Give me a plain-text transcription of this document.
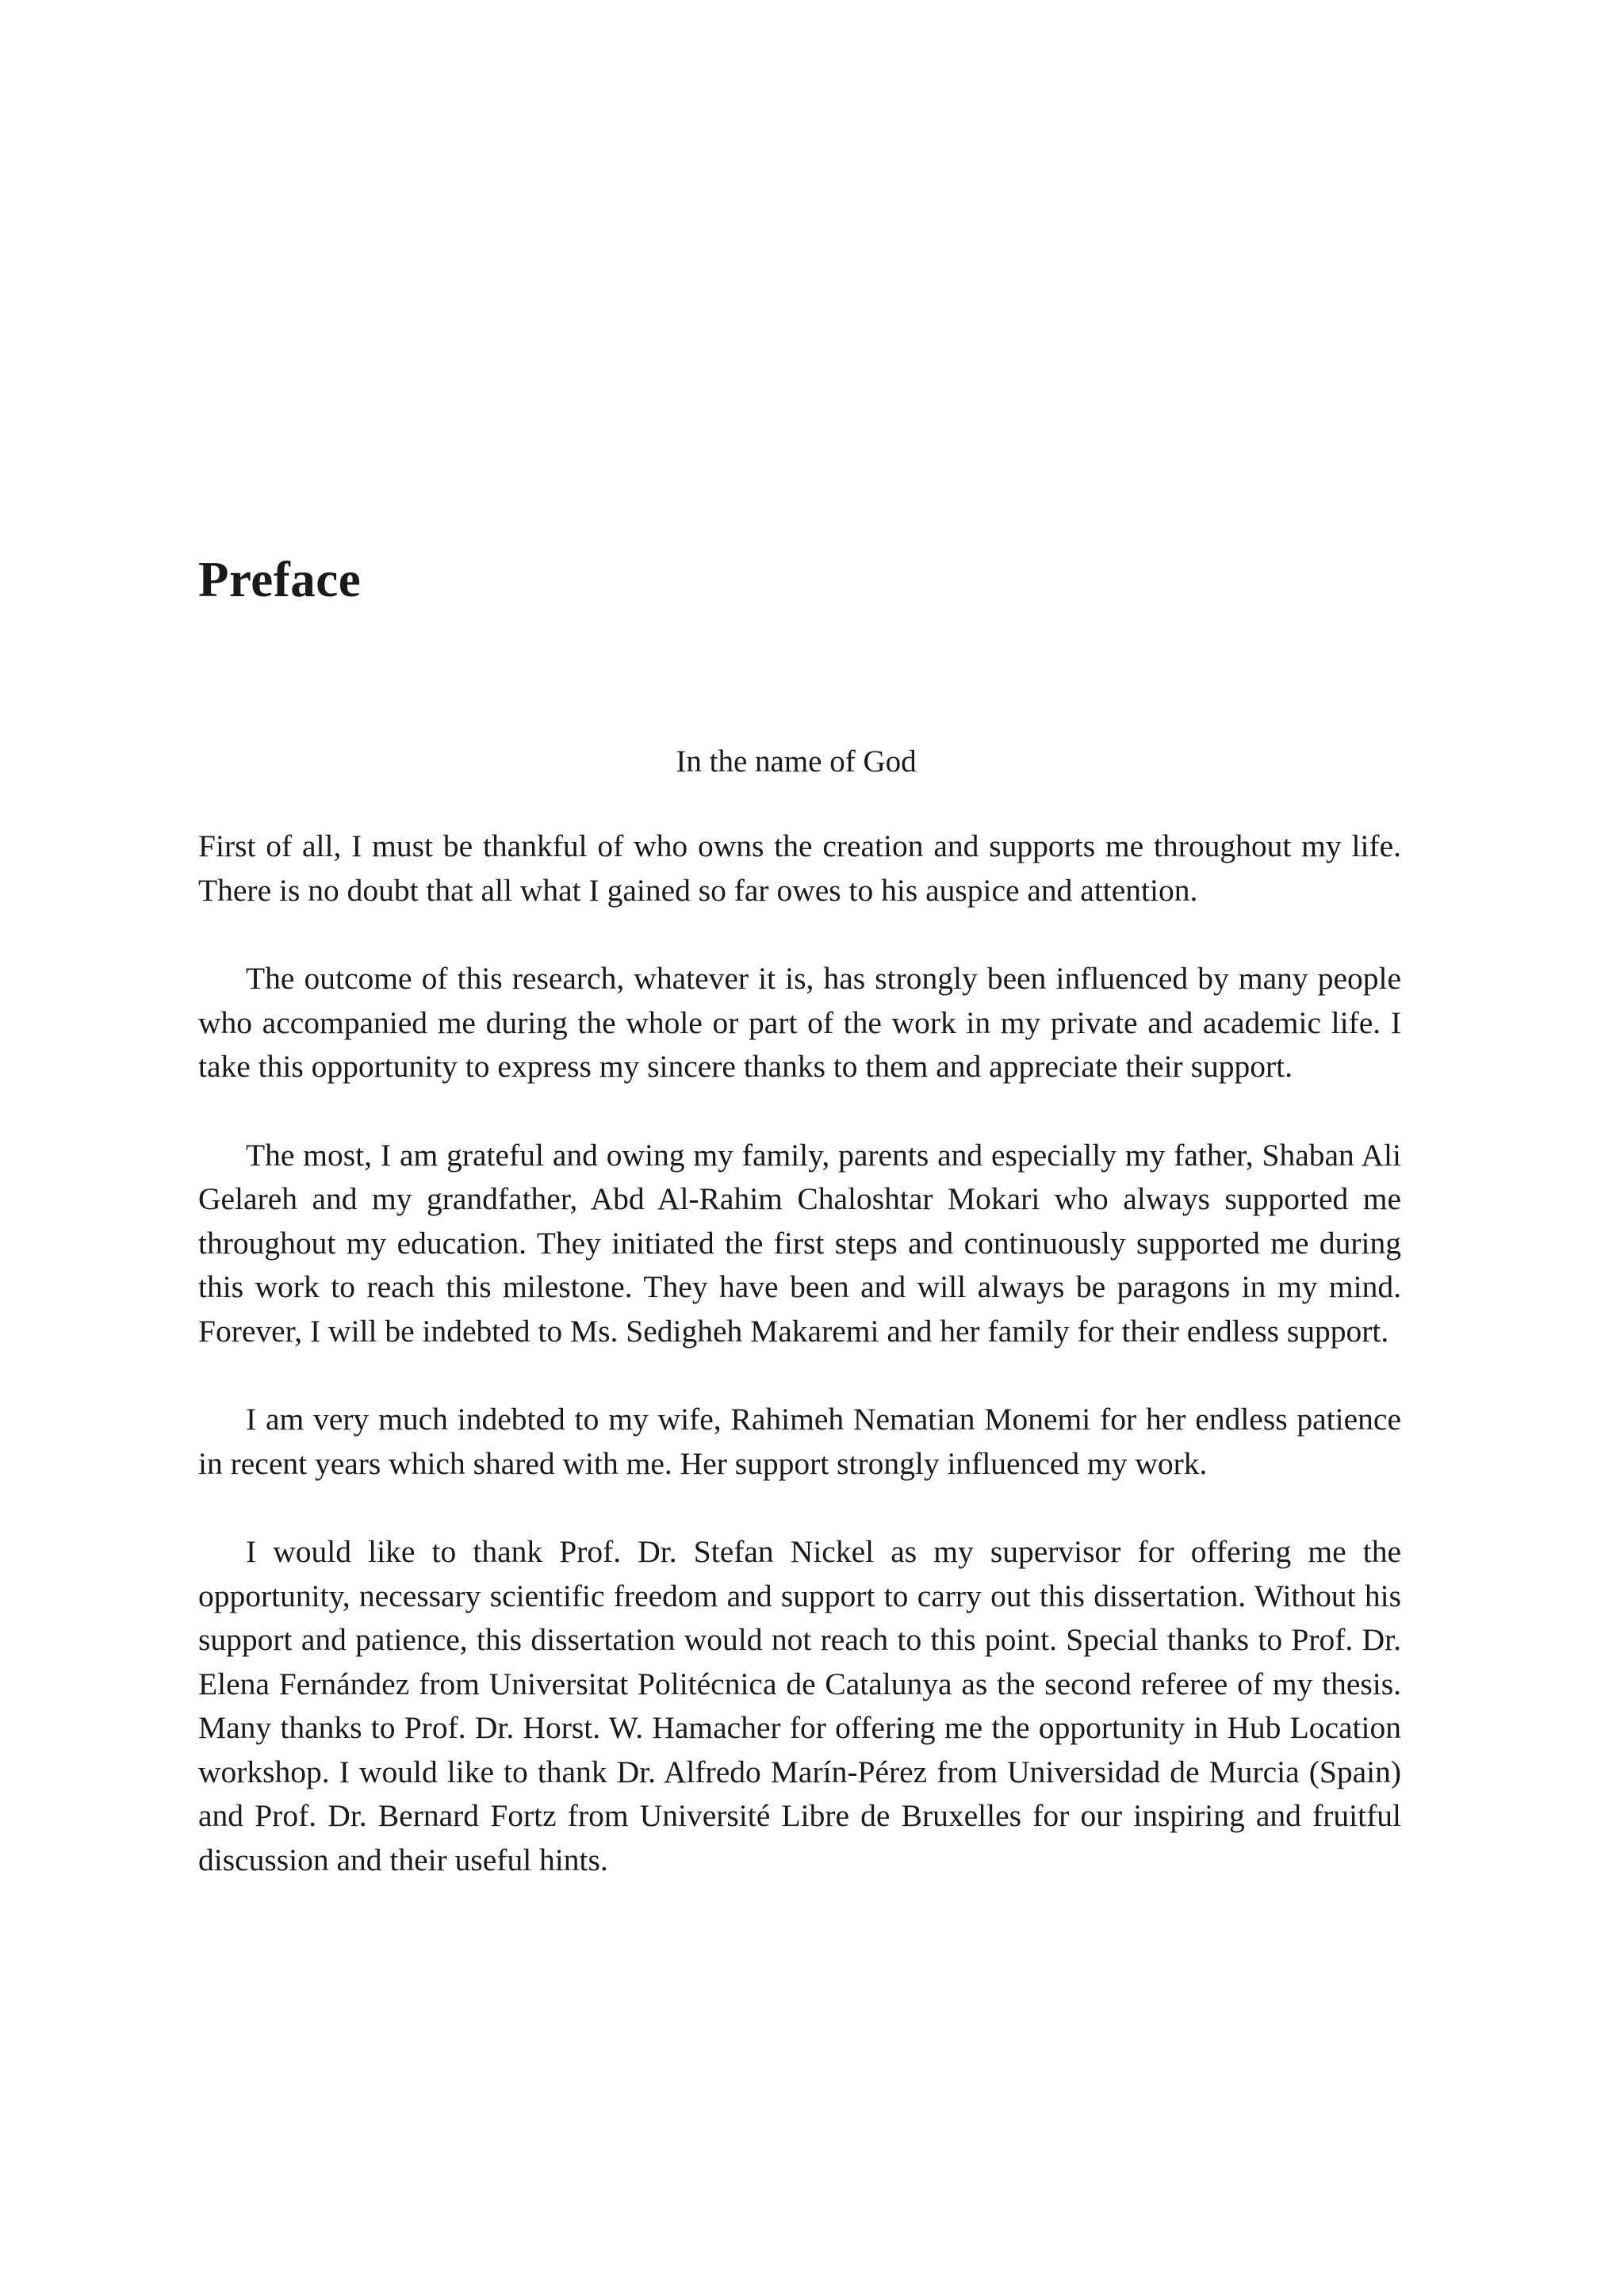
Preface

In the name of God

First of all, I must be thankful of who owns the creation and supports me throughout my life. There is no doubt that all what I gained so far owes to his auspice and attention.

The outcome of this research, whatever it is, has strongly been influenced by many people who accompanied me during the whole or part of the work in my private and academic life. I take this opportunity to express my sincere thanks to them and appreciate their support.

The most, I am grateful and owing my family, parents and especially my father, Shaban Ali Gelareh and my grandfather, Abd Al-Rahim Chaloshtar Mokari who always supported me throughout my education. They initiated the first steps and continuously supported me during this work to reach this milestone. They have been and will always be paragons in my mind. Forever, I will be indebted to Ms. Sedigheh Makaremi and her family for their endless support.

I am very much indebted to my wife, Rahimeh Nematian Monemi for her endless patience in recent years which shared with me. Her support strongly influenced my work.

I would like to thank Prof. Dr. Stefan Nickel as my supervisor for offering me the opportunity, necessary scientific freedom and support to carry out this dissertation. Without his support and patience, this dissertation would not reach to this point. Special thanks to Prof. Dr. Elena Fernández from Universitat Politécnica de Catalunya as the second referee of my thesis. Many thanks to Prof. Dr. Horst. W. Hamacher for offering me the opportunity in Hub Location workshop. I would like to thank Dr. Alfredo Marín-Pérez from Universidad de Murcia (Spain) and Prof. Dr. Bernard Fortz from Université Libre de Bruxelles for our inspiring and fruitful discussion and their useful hints.
